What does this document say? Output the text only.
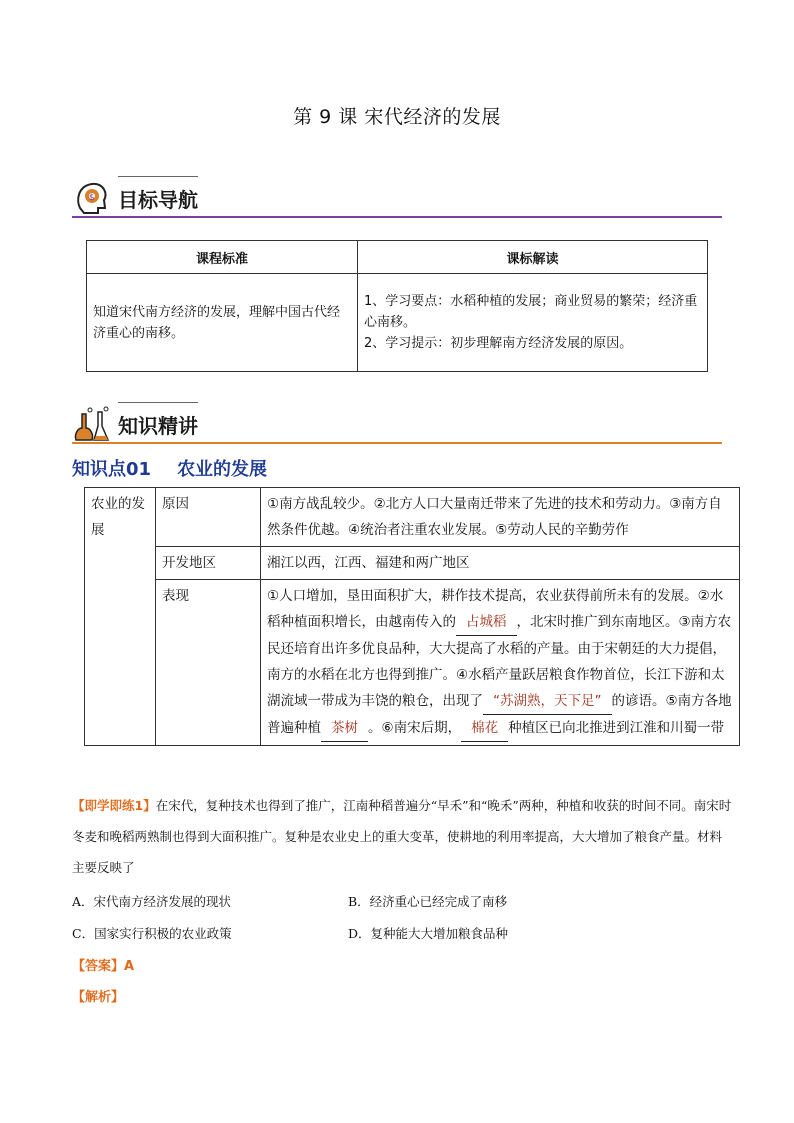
第 9 课 宋代经济的发展
$ 目标导航
课程标准	课标解读
知道宋代南方经济的发展，理解中国古代经济重心的南移。	1、学习要点：水稻种植的发展；商业贸易的繁荣；经济重心南移。
2、学习提示：初步理解南方经济发展的原因。
知识精讲
知识点01 农业的发展
农业的发展	原因	①南方战乱较少。②北方人口大量南迁带来了先进的技术和劳动力。③南方自然条件优越。④统治者注重农业发展。⑤劳动人民的辛勤劳作
	开发地区	湘江以西，江西、福建和两广地区
	表现	①人口增加，垦田面积扩大，耕作技术提高，农业获得前所未有的发展。②水稻种植面积增长，由越南传入的 占城稻 ，北宋时推广到东南地区。③南方农民还培育出许多优良品种，大大提高了水稻的产量。由于宋朝廷的大力提倡，南方的水稻在北方也得到推广。④水稻产量跃居粮食作物首位，长江下游和太湖流域一带成为丰饶的粮仓，出现了 “苏湖熟，天下足” 的谚语。⑤南方各地普遍种植 茶树 。⑥南宋后期， 棉花 种植区已向北推进到江淮和川蜀一带
【即学即练1】在宋代，复种技术也得到了推广，江南种稻普遍分“早禾”和“晚禾”两种，种植和收获的时间不同。南宋时冬麦和晚稻两熟制也得到大面积推广。复种是农业史上的重大变革，使耕地的利用率提高，大大增加了粮食产量。材料主要反映了
A．宋代南方经济发展的现状	B．经济重心已经完成了南移
C．国家实行积极的农业政策	D．复种能大大增加粮食品种
【答案】A
【解析】
